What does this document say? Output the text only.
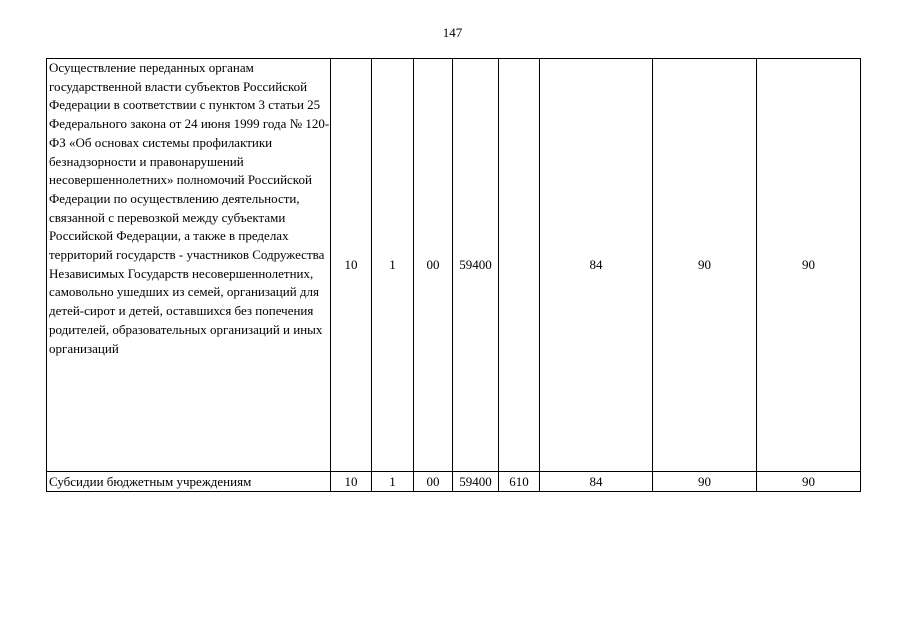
147
Осуществление переданных органам государственной власти субъектов Российской Федерации в соответствии с пунктом 3 статьи 25 Федерального закона от 24 июня 1999 года № 120-ФЗ «Об основах системы профилактики безнадзорности и правонарушений несовершеннолетних» полномочий Российской Федерации по осуществлению деятельности, связанной с перевозкой между субъектами Российской Федерации, а также в пределах территорий государств - участников Содружества Независимых Государств несовершеннолетних, самовольно ушедших из семей, организаций для детей-сирот и детей, оставшихся без попечения родителей, образовательных организаций и иных организаций	10	1	00	59400		84	90	90
Субсидии бюджетным учреждениям	10	1	00	59400	610	84	90	90
